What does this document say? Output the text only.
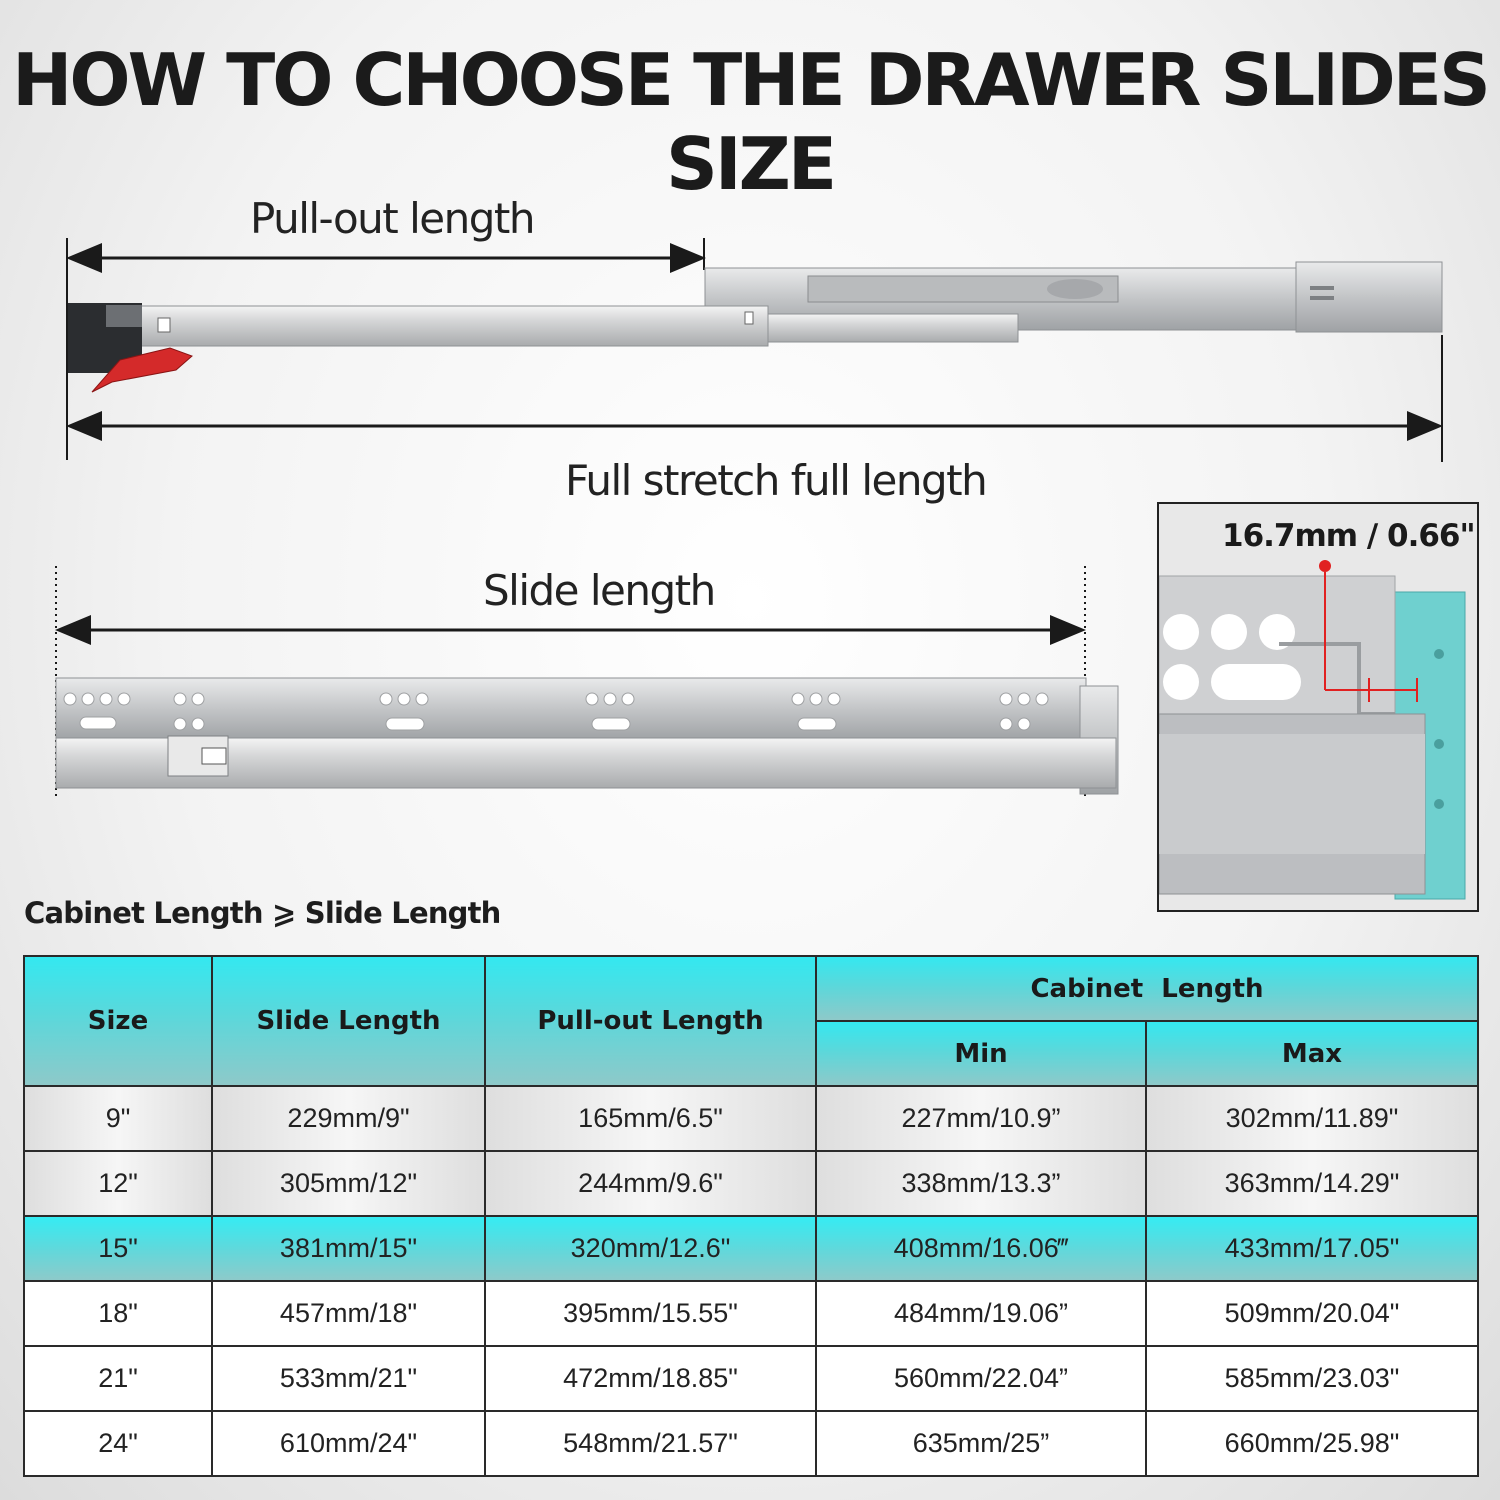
HOW TO CHOOSE THE DRAWER SLIDES SIZE
Pull-out length
Full stretch full length
Slide length
16.7mm / 0.66"
Cabinet Length ⩾ Slide Length
Size	Slide Length	Pull-out Length	Cabinet  Length	
			Min	Max
9"	229mm/9"	165mm/6.5"	227mm/10.9”	302mm/11.89"
12"	305mm/12"	244mm/9.6"	338mm/13.3”	363mm/14.29"
15"	381mm/15"	320mm/12.6"	408mm/16.06‴	433mm/17.05"
18"	457mm/18"	395mm/15.55"	484mm/19.06”	509mm/20.04"
21"	533mm/21"	472mm/18.85"	560mm/22.04”	585mm/23.03"
24"	610mm/24"	548mm/21.57"	635mm/25”	660mm/25.98"
